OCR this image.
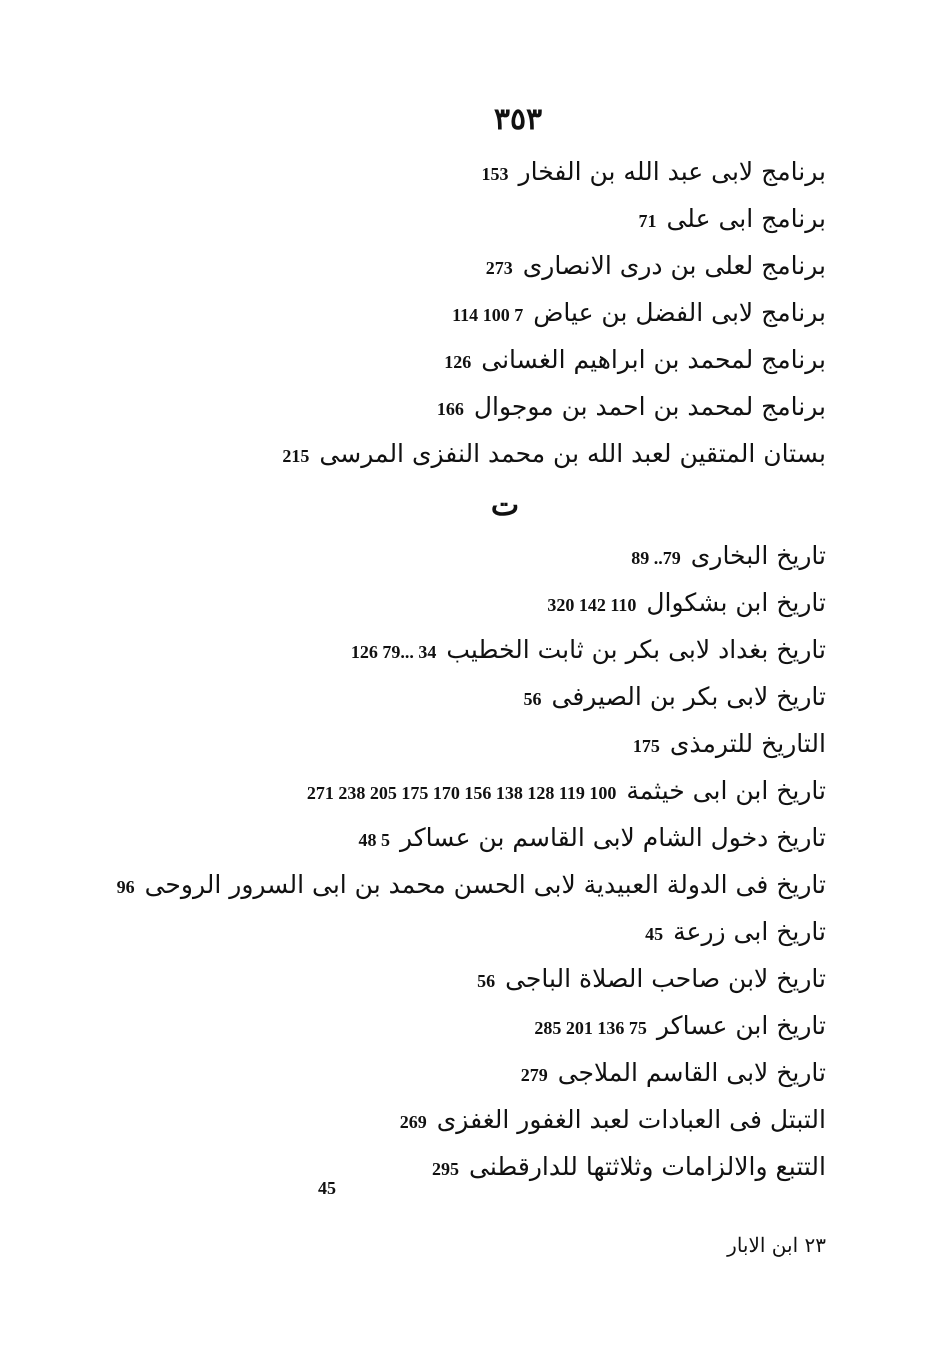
٣٥٣
برنامج لابى عبد الله بن الفخار153
برنامج ابى على71
برنامج لعلى بن درى الانصارى273
برنامج لابى الفضل بن عياض7 100 114
برنامج لمحمد بن ابراهيم الغسانى126
برنامج لمحمد بن احمد بن موجوال166
بستان المتقين لعبد الله بن محمد النفزى المرسى215
ت
تاريخ البخارى79.. 89
تاريخ ابن بشكوال110 142 320
تاريخ بغداد لابى بكر بن ثابت الخطيب34 ...79 126
تاريخ لابى بكر بن الصيرفى56
التاريخ للترمذى175
تاريخ ابن ابى خيثمة100 119 128 138 156 170 175 205 238 271
تاريخ دخول الشام لابى القاسم بن عساكر5 48
تاريخ فى الدولة العبيدية لابى الحسن محمد بن ابى السرور الروحى96
تاريخ ابى زرعة45
تاريخ لابن صاحب الصلاة الباجى56
تاريخ ابن عساكر75 136 201 285
تاريخ لابى القاسم الملاجى279
التبتل فى العبادات لعبد الغفور الغفزى269
التتبع والالزامات وثلاثتها للدارقطنى295
45
٢٣ ابن الابار
